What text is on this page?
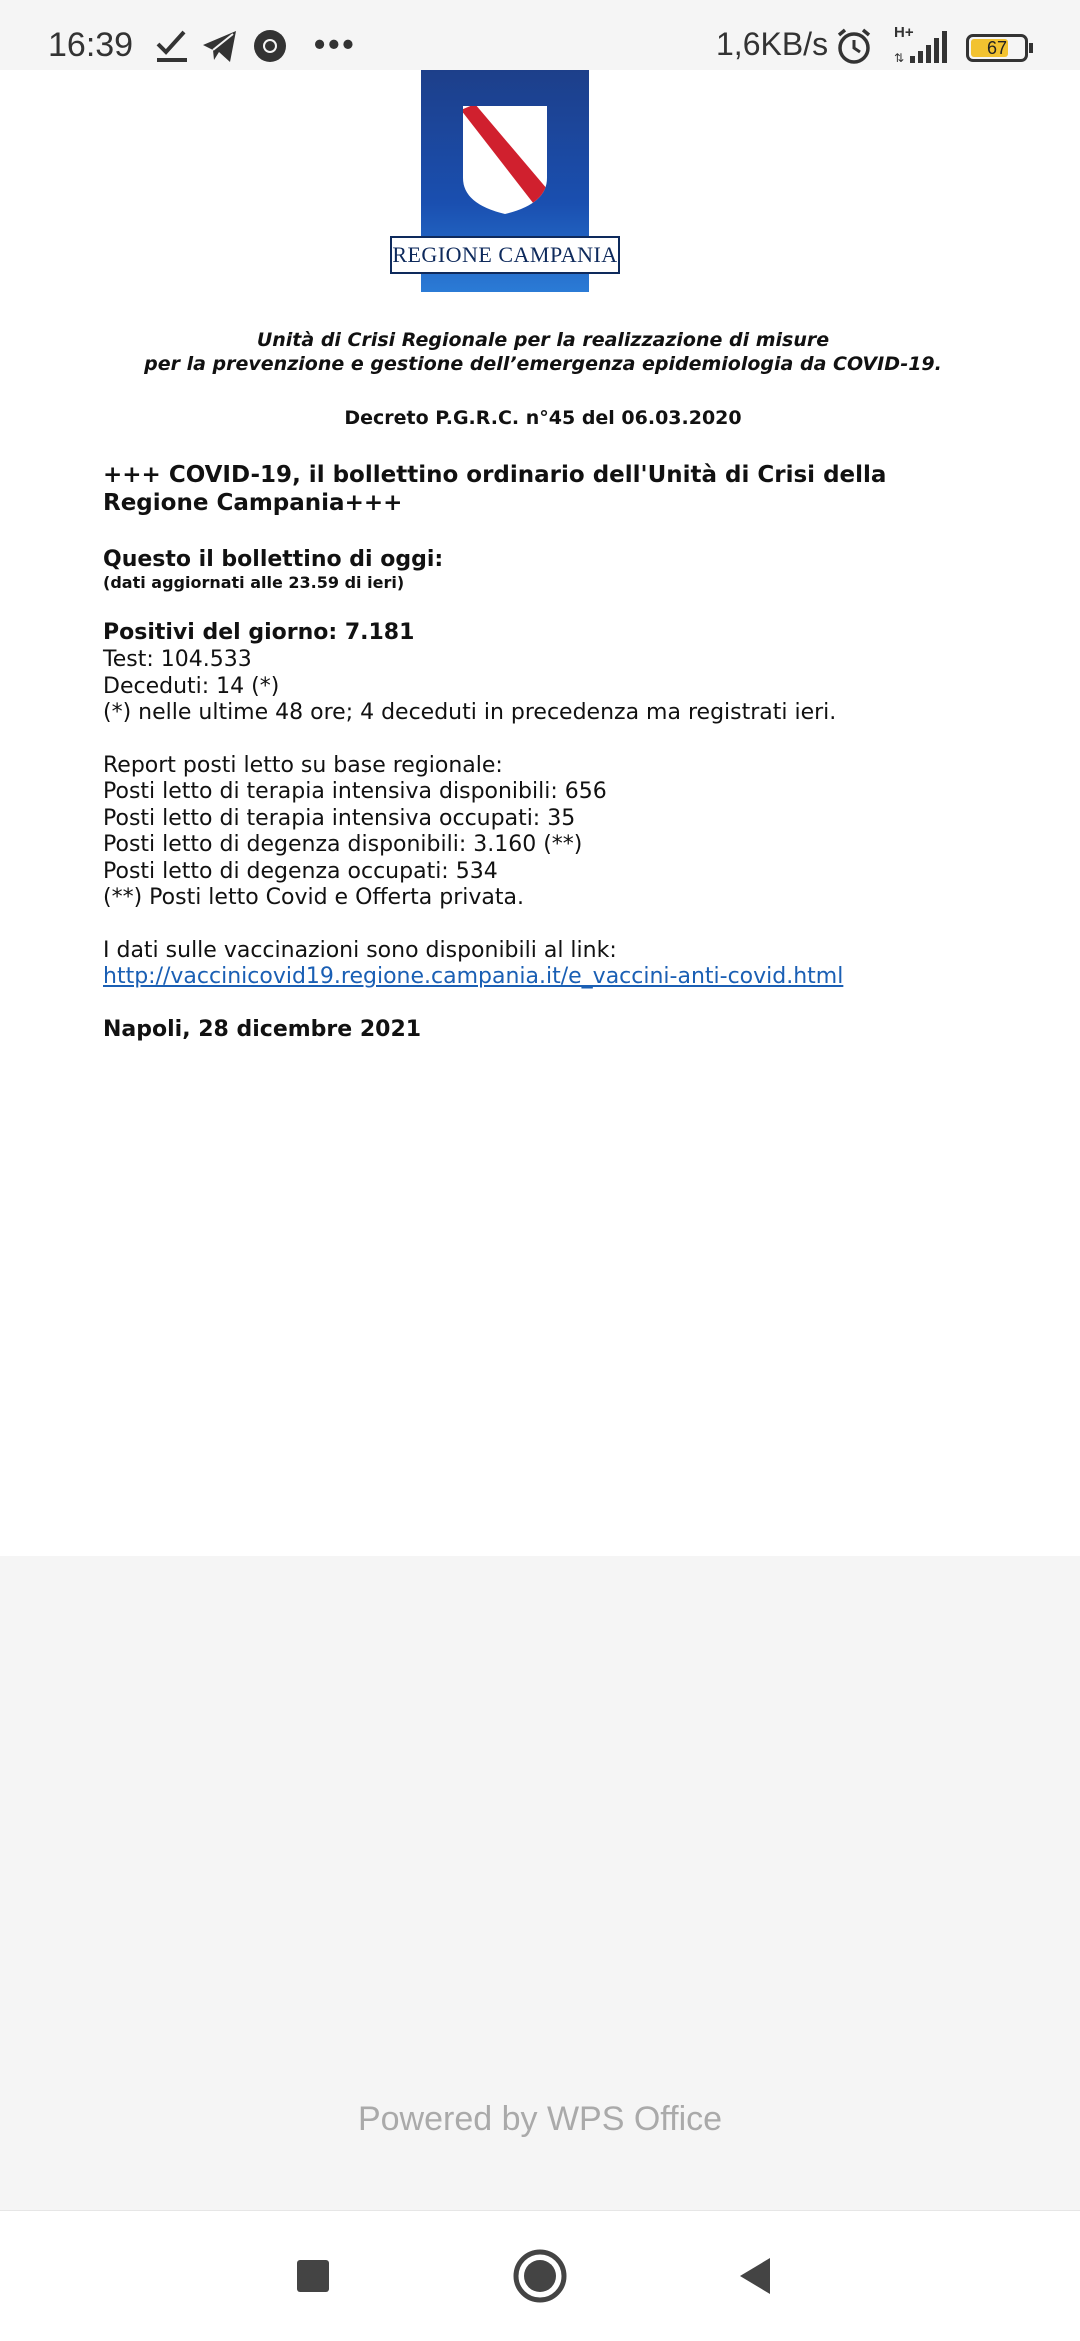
16:39	•••	1,6KB/s	H+
⇅	67
REGIONE CAMPANIA
Unità di Crisi Regionale per la realizzazione di misure
per la prevenzione e gestione dell’emergenza epidemiologia da COVID-19.
Decreto P.G.R.C. n°45 del 06.03.2020
+++ COVID-19, il bollettino ordinario dell'Unità di Crisi della Regione Campania+++
Questo il bollettino di oggi:
(dati aggiornati alle 23.59 di ieri)
Positivi del giorno: 7.181
Test: 104.533
Deceduti: 14 (*)
(*) nelle ultime 48 ore; 4 deceduti in precedenza ma registrati ieri.
Report posti letto su base regionale:
Posti letto di terapia intensiva disponibili: 656
Posti letto di terapia intensiva occupati: 35
Posti letto di degenza disponibili: 3.160 (**)
Posti letto di degenza occupati: 534
(**) Posti letto Covid e Offerta privata.
I dati sulle vaccinazioni sono disponibili al link:
http://vaccinicovid19.regione.campania.it/e_vaccini-anti-covid.html
Napoli, 28 dicembre 2021
Powered by WPS Office
